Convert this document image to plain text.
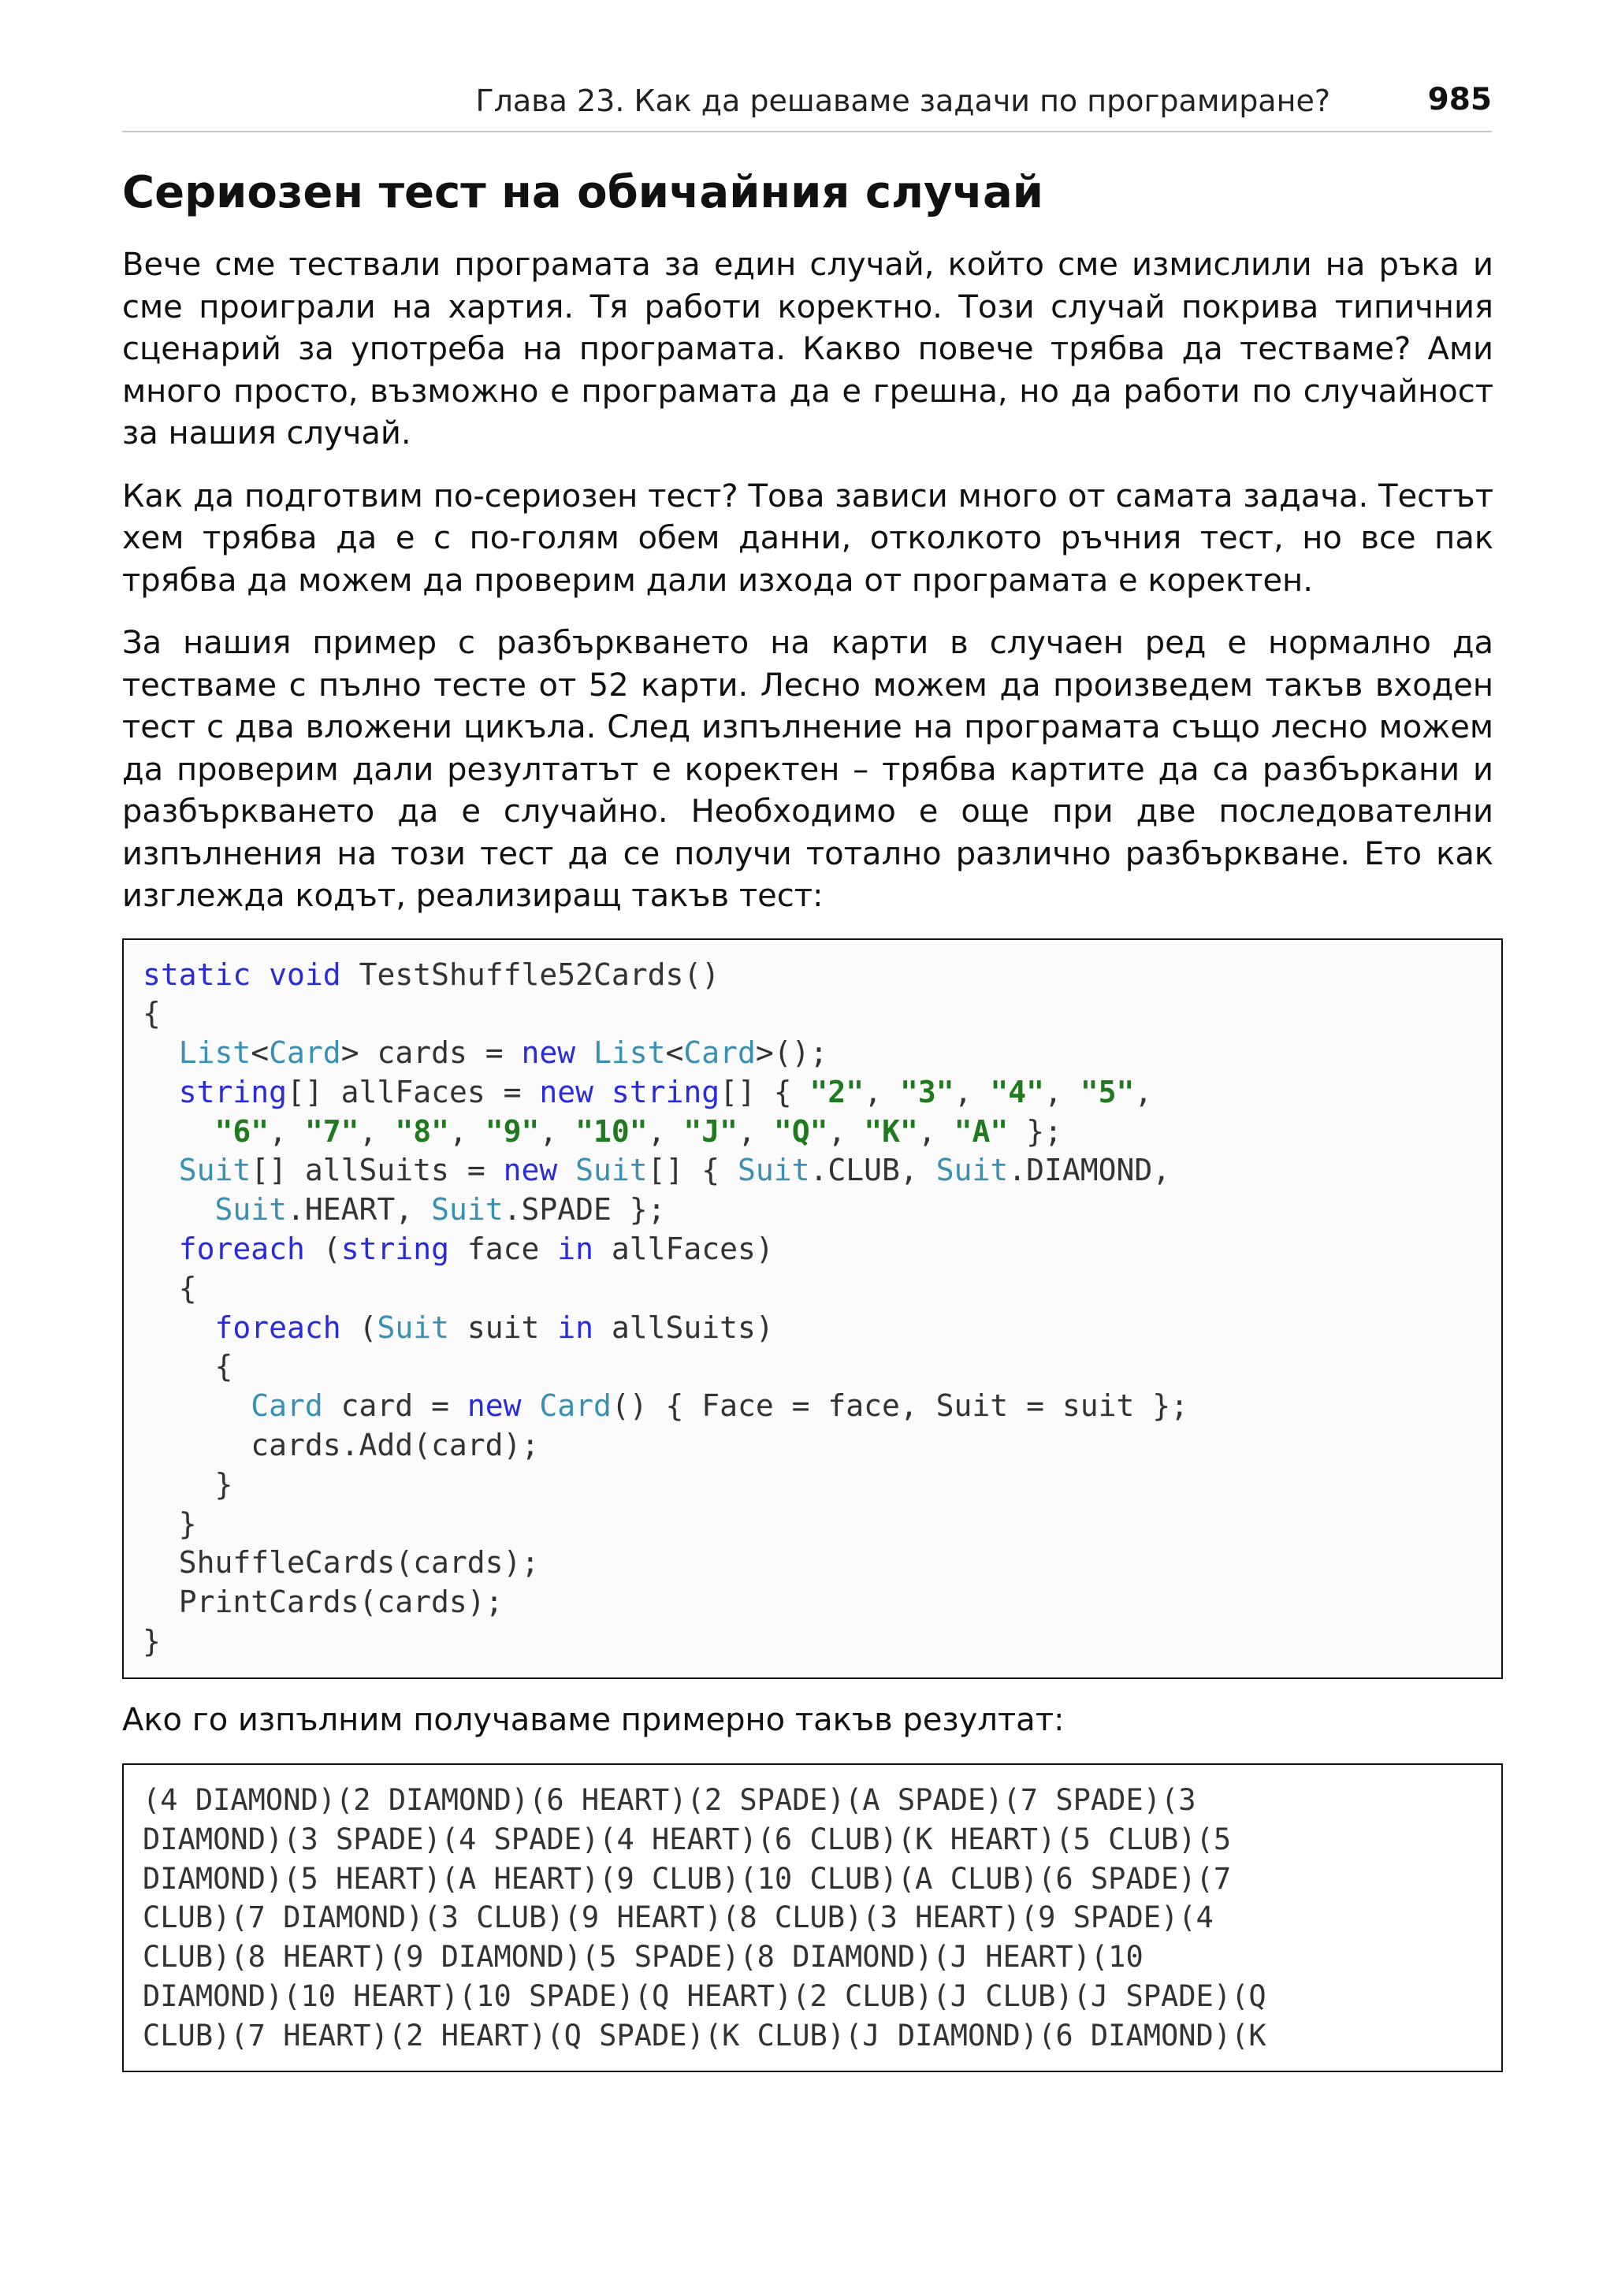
Глава 23. Как да решаваме задачи по програмиране?	985
Сериозен тест на обичайния случай

Вече сме тествали програмата за един случай, който сме измислили на ръка и сме проиграли на хартия. Тя работи коректно. Този случай покрива типичния сценарий за употреба на програмата. Какво повече трябва да тестваме? Ами много просто, възможно е програмата да е грешна, но да работи по случайност за нашия случай.

Как да подготвим по-сериозен тест? Това зависи много от самата задача. Тестът хем трябва да е с по-голям обем данни, отколкото ръчния тест, но все пак трябва да можем да проверим дали изхода от програмата е коректен.

За нашия пример с разбъркването на карти в случаен ред е нормално да тестваме с пълно тесте от 52 карти. Лесно можем да произведем такъв входен тест с два вложени цикъла. След изпълнение на програмата също лесно можем да проверим дали резултатът е коректен – трябва картите да са разбъркани и разбъркването да е случайно. Необходимо е още при две последователни изпълнения на този тест да се получи тотално различно разбъркване. Ето как изглежда кодът, реализиращ такъв тест:

static void TestShuffle52Cards()
{
List<Card> cards = new List<Card>();
string[] allFaces = new string[] { "2", "3", "4", "5",
"6", "7", "8", "9", "10", "J", "Q", "K", "A" };
Suit[] allSuits = new Suit[] { Suit.CLUB, Suit.DIAMOND,
Suit.HEART, Suit.SPADE };
foreach (string face in allFaces)
{
foreach (Suit suit in allSuits)
{
Card card = new Card() { Face = face, Suit = suit };
cards.Add(card);
}
}
ShuffleCards(cards);
PrintCards(cards);
}

Ако го изпълним получаваме примерно такъв резултат:

(4 DIAMOND)(2 DIAMOND)(6 HEART)(2 SPADE)(A SPADE)(7 SPADE)(3
DIAMOND)(3 SPADE)(4 SPADE)(4 HEART)(6 CLUB)(K HEART)(5 CLUB)(5
DIAMOND)(5 HEART)(A HEART)(9 CLUB)(10 CLUB)(A CLUB)(6 SPADE)(7
CLUB)(7 DIAMOND)(3 CLUB)(9 HEART)(8 CLUB)(3 HEART)(9 SPADE)(4
CLUB)(8 HEART)(9 DIAMOND)(5 SPADE)(8 DIAMOND)(J HEART)(10
DIAMOND)(10 HEART)(10 SPADE)(Q HEART)(2 CLUB)(J CLUB)(J SPADE)(Q
CLUB)(7 HEART)(2 HEART)(Q SPADE)(K CLUB)(J DIAMOND)(6 DIAMOND)(K
